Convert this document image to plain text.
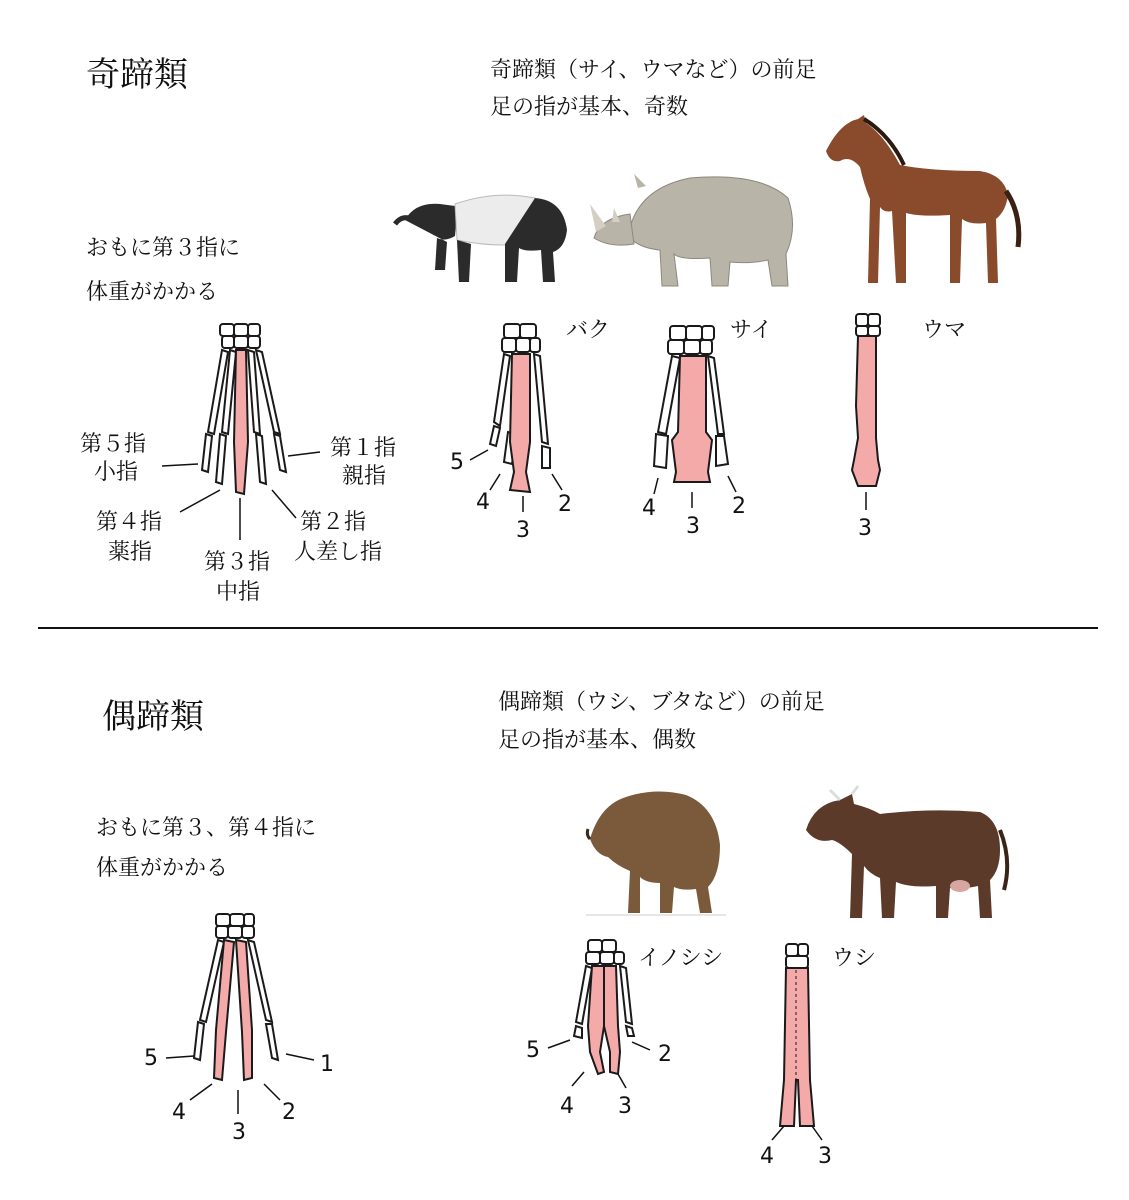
奇蹄類	奇蹄類（サイ、ウマなど）の前足
足の指が基本、奇数
おもに第３指に
体重がかかる
第５指
小指
第１指
親指
第４指
薬指
第２指
人差し指
第３指
中指
バク
5
4
3
2
サイ
4
3
2
ウマ
3
偶蹄類	偶蹄類（ウシ、ブタなど）の前足
足の指が基本、偶数
おもに第３、第４指に
体重がかかる
5	1
4	2
3
イノシシ
5	2
4 3
ウシ
4 3
